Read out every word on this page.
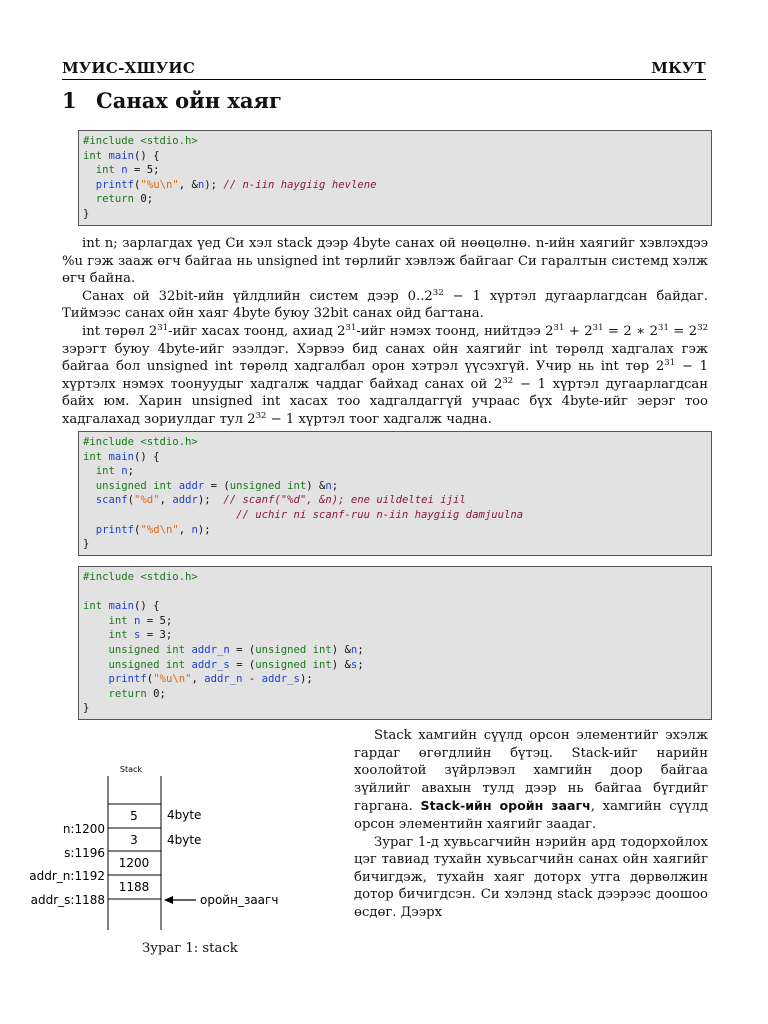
МУИС-ХШУИС	МКУТ
1 Санах ойн хаяг
#include <stdio.h>
int main() {
int n = 5;
printf("%u\n", &n); // n-iin haygiig hevlene
return 0;
}

int n; зарлагдах үед Си хэл stack дээр 4byte санах ой нөөцөлнө. n-ийн хаягийг хэвлэхдээ %u гэж зааж өгч байгаа нь unsigned int төрлийг хэвлэж байгааг Си гаралтын системд хэлж өгч байна.

Санах ой 32bit-ийн үйлдлийн систем дээр $0..2^{32} - 1$ хүртэл дугаарлагдсан байдаг. Тиймээс санах ойн хаяг 4byte буюу 32bit санах ойд багтана.

int төрөл $2^{31}$-ийг хасах тоонд, ахиад $2^{31}$-ийг нэмэх тоонд, нийтдээ $2^{31} + 2^{31} = 2$ ∗ $2^{31} = 2^{32}$ зэрэгт буюу 4byte-ийг эзэлдэг. Хэрвээ бид санах ойн хаягийг int төрөлд хадгалах гэж байгаа бол unsigned int төрөлд хадгалбал орон хэтрэл үүсэхгүй. Учир нь int төр $2^{31} - 1$ хүртэлх нэмэх тоонуудыг хадгалж чаддаг байхад санах ой $2^{32} - 1$ хүртэл дугаарлагдсан байх юм. Харин unsigned int хасах тоо хадгалдаггүй учраас бүх 4byte-ийг эерэг тоо хадгалахад зориулдаг тул $2^{32} - 1$ хүртэл тоог хадгалж чадна.

#include <stdio.h>
int main() {
int n;
unsigned int addr = (unsigned int) &n;
scanf("%d", addr);  // scanf("%d", &n); ene uildeltei ijil
// uchir ni scanf-ruu n-iin haygiig damjuulna
printf("%d\n", n);
}
#include <stdio.h>
int main() {
int n = 5;
int s = 3;
unsigned int addr_n = (unsigned int) &n;
unsigned int addr_s = (unsigned int) &s;
printf("%u\n", addr_n - addr_s);
return 0;
}
Stack
5
3
1200
1188
4byte
4byte
n:1200
s:1196
addr_n:1192
addr_s:1188	оройн_заагч
Зураг 1: stack

Stack хамгийн сүүлд орсон элементийг эхэлж гардаг өгөгдлийн бүтэц. Stack-ийг нарийн хоолойтой зүйрлэвэл хамгийн доор байгаа зүйлийг авахын тулд дээр нь байгаа бүгдийг гаргана. Stack-ийн оройн заагч, хамгийн сүүлд орсон элементийн хаягийг заадаг.

Зураг 1-д хувьсагчийн нэрийн ард тодорхойлох цэг тавиад тухайн хувьсагчийн санах ойн хаягийг бичигдэж, тухайн хаяг доторх утга дөрвөлжин дотор бичигдсэн. Си хэлэнд stack дээрээс доошоо өсдөг. Дээрх
